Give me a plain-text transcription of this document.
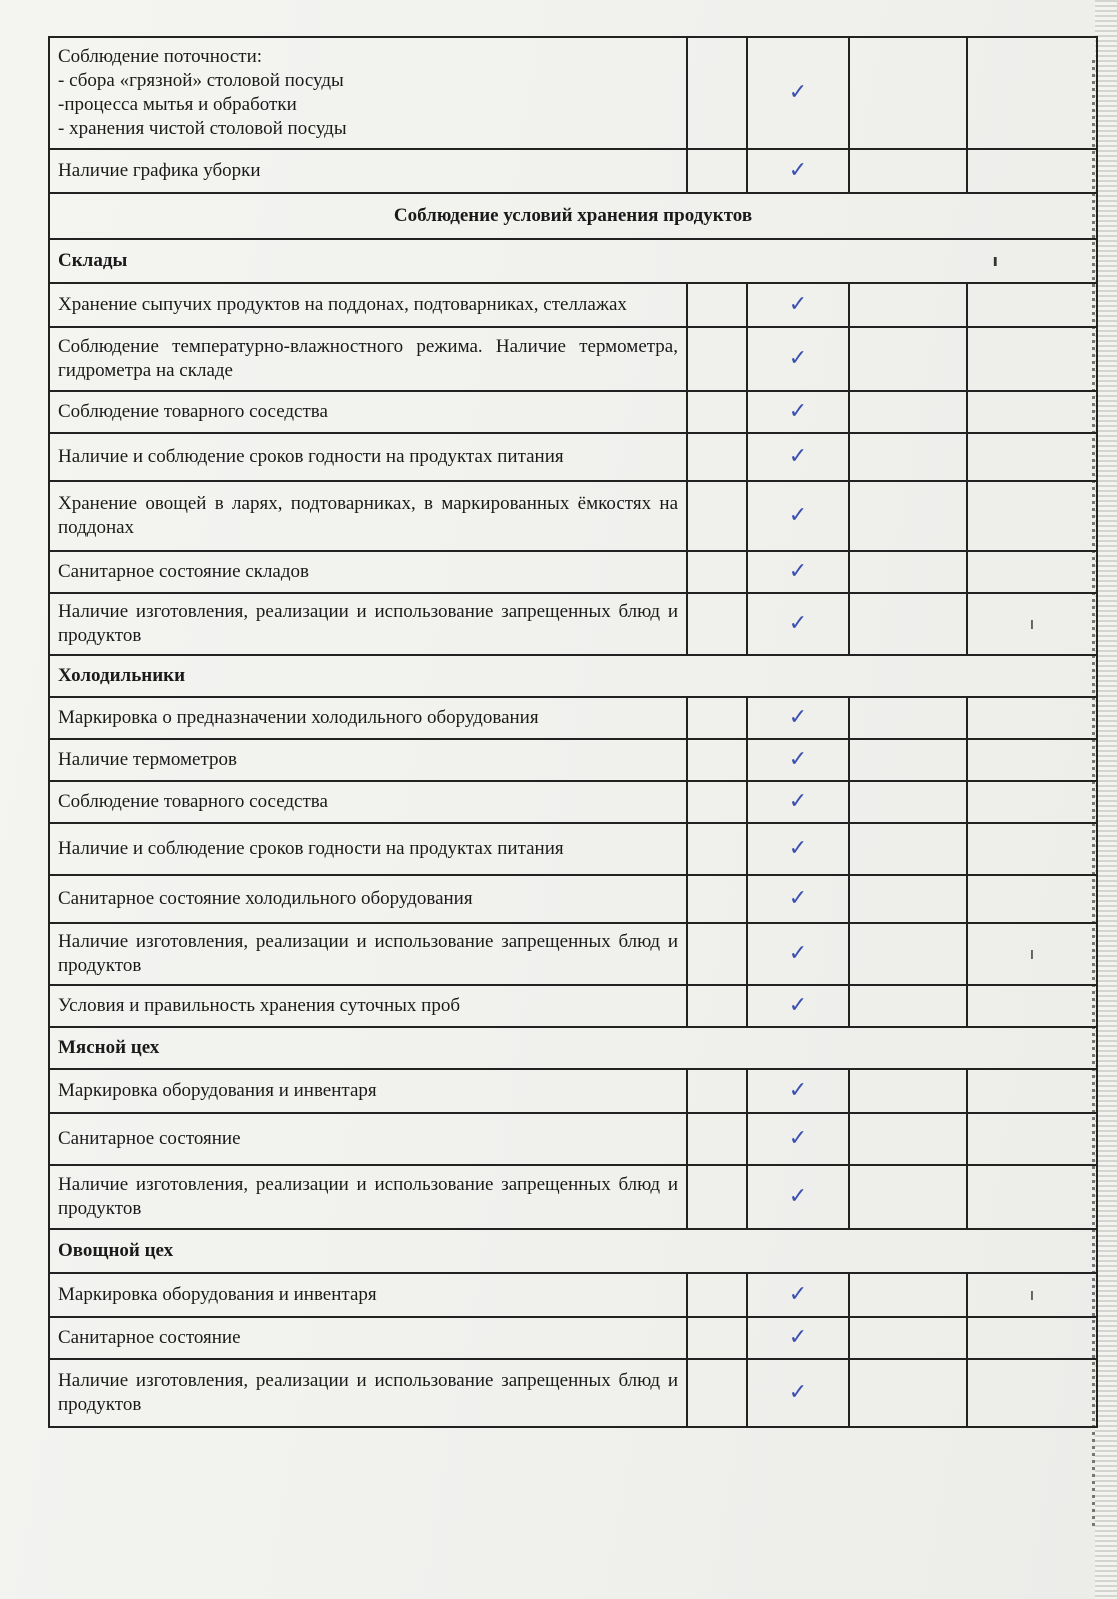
Соблюдение поточности:
- сбора «грязной» столовой посуды
-процесса мытья и обработки
- хранения чистой столовой посуды		✓		

Наличие графика уборки		✓		
Соблюдение условий хранения продуктов				
Склады ı				

Хранение сыпучих продуктов на поддонах, подтоварниках, стеллажах		✓		

Соблюдение температурно-влажностного режима. Наличие термометра, гидрометра на складе		✓		

Соблюдение товарного соседства		✓		

Наличие и соблюдение сроков годности на продуктах питания		✓		

Хранение овощей в ларях, подтоварниках, в маркированных ёмкостях на поддонах		✓		

Санитарное состояние складов		✓		

Наличие изготовления, реализации и использование запрещенных блюд и продуктов		✓		ı
Холодильники				

Маркировка о предназначении холодильного оборудования		✓		

Наличие термометров		✓		

Соблюдение товарного соседства		✓		

Наличие и соблюдение сроков годности на продуктах питания		✓		

Санитарное состояние холодильного оборудования		✓		

Наличие изготовления, реализации и использование запрещенных блюд и продуктов		✓		ı

Условия и правильность хранения суточных проб		✓		
Мясной цех				

Маркировка оборудования и инвентаря		✓		

Санитарное состояние		✓		

Наличие изготовления, реализации и использование запрещенных блюд и продуктов		✓		
Овощной цех				

Маркировка оборудования и инвентаря		✓		ı

Санитарное состояние		✓		

Наличие изготовления, реализации и использование запрещенных блюд и продуктов		✓		
